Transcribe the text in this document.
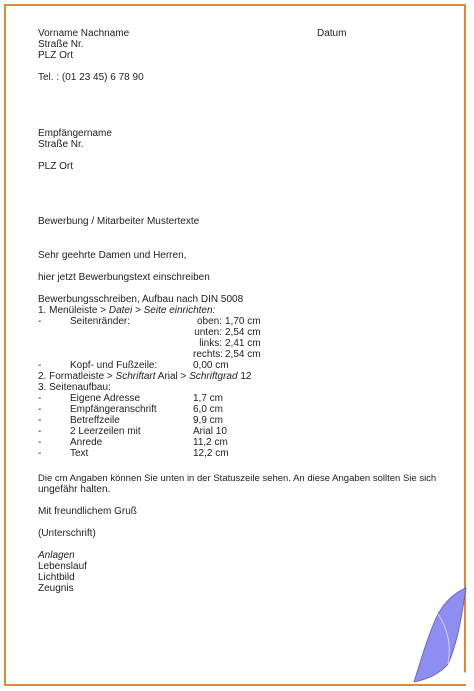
Vorname Nachname	Datum
Straße Nr.
PLZ Ort
Tel. : (01 23 45) 6 78 90
Empfängername
Straße Nr.
PLZ Ort
Bewerbung / Mitarbeiter Mustertexte
Sehr geehrte Damen und Herren,
hier jetzt Bewerbungstext einschreiben
Bewerbungsschreiben, Aufbau nach DIN 5008
1. Menüleiste > Datei > Seite einrichten:
-	Seitenränder:	oben: 1,70 cm
unten: 2,54 cm
links: 2,41 cm
rechts: 2,54 cm
-	Kopf- und Fußzeile:	0,00 cm
2. Formatleiste > Schriftart Arial > Schriftgrad 12
3. Seitenaufbau:
-	Eigene Adresse	1,7 cm
-	Empfängeranschrift	6,0 cm
-	Betreffzeile	9,9 cm
-	2 Leerzeilen mit	Arial 10
-	Anrede	11,2 cm
-	Text	12,2 cm
Die cm Angaben können Sie unten in der Statuszeile sehen. An diese Angaben sollten Sie sich
ungefähr halten.
Mit freundlichem Gruß
(Unterschrift)
Anlagen
Lebenslauf
Lichtbild
Zeugnis
